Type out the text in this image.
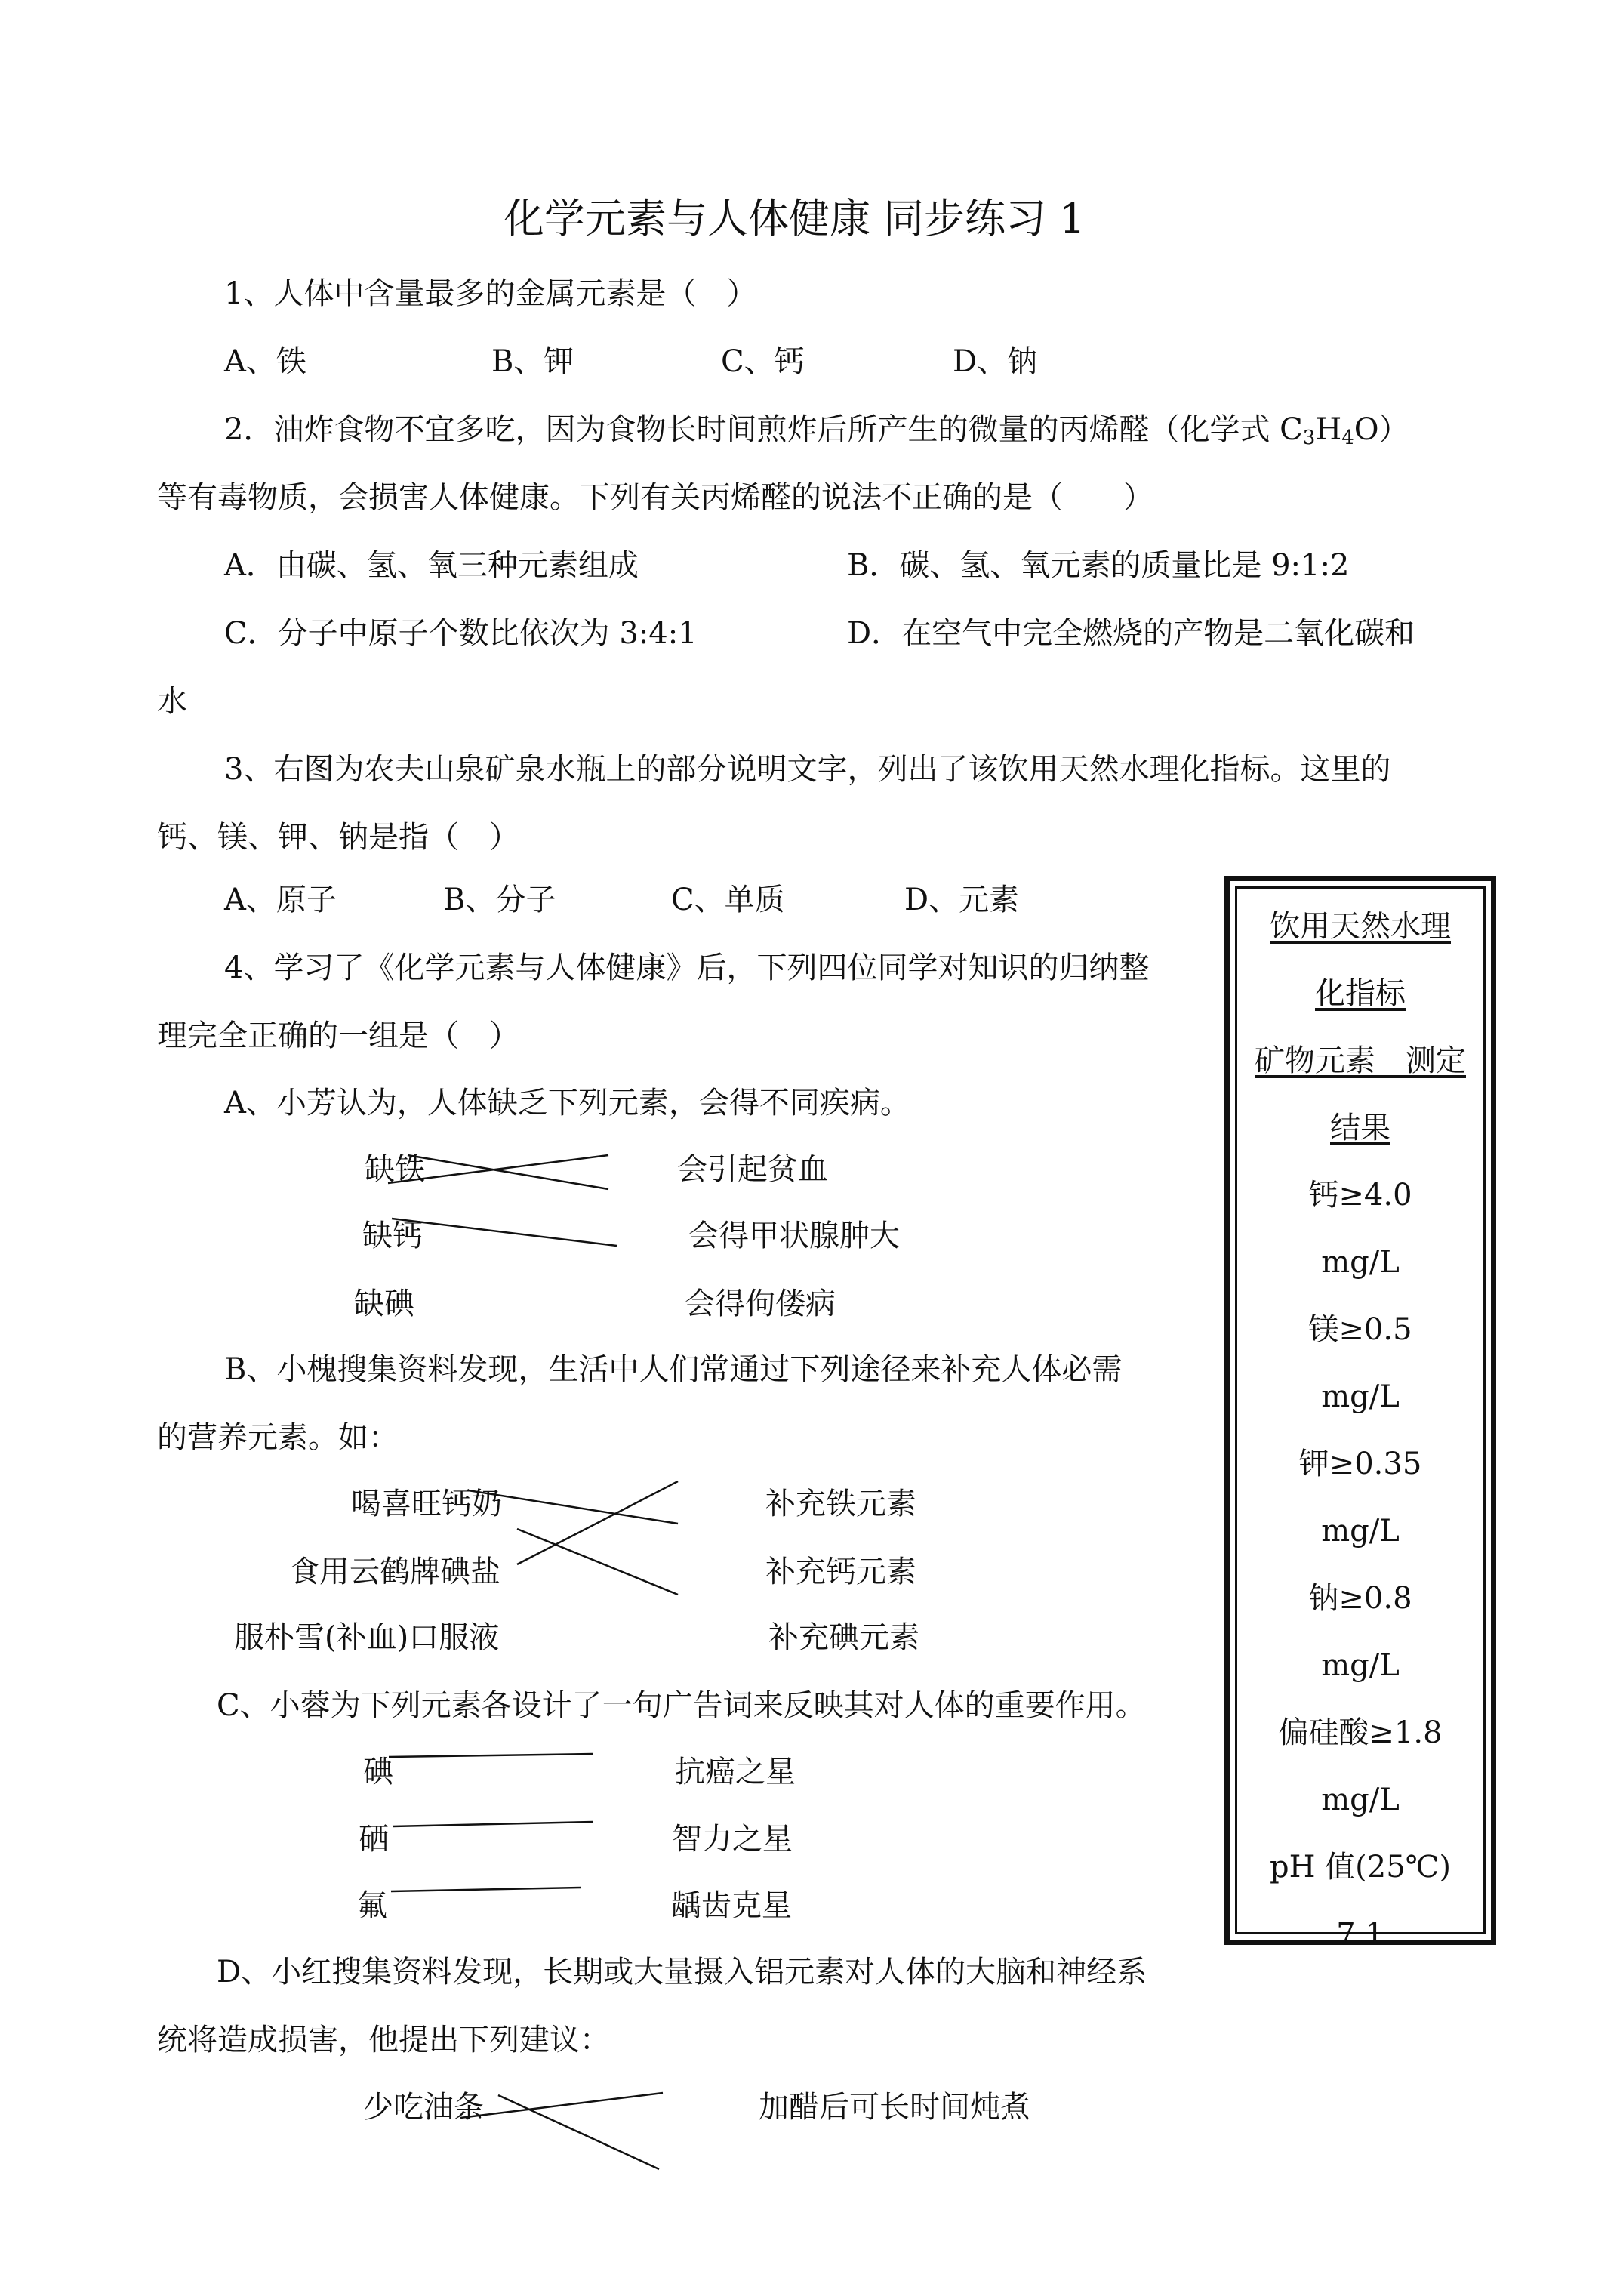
化学元素与人体健康 同步练习 1
1、人体中含量最多的金属元素是（　）
A、铁	B、钾	C、钙	D、钠
2．油炸食物不宜多吃，因为食物长时间煎炸后所产生的微量的丙烯醛（化学式 $C_3H_4O$）
等有毒物质，会损害人体健康。下列有关丙烯醛的说法不正确的是（　　）
A．由碳、氢、氧三种元素组成	B．碳、氢、氧元素的质量比是 9:1:2
C．分子中原子个数比依次为 3:4:1	D．在空气中完全燃烧的产物是二氧化碳和
水
3、右图为农夫山泉矿泉水瓶上的部分说明文字，列出了该饮用天然水理化指标。这里的
钙、镁、钾、钠是指（　）
A、原子	B、分子	C、单质	D、元素
饮用天然水理
化指标
矿物元素　测定
结果
钙≥4.0
mg/L
镁≥0.5
mg/L
钾≥0.35
mg/L
钠≥0.8
mg/L
偏硅酸≥1.8
mg/L
pH 值(25℃)
7.1
4、学习了《化学元素与人体健康》后，下列四位同学对知识的归纳整
理完全正确的一组是（　）
A、小芳认为，人体缺乏下列元素，会得不同疾病。
缺铁
缺钙
缺碘
会引起贫血
会得甲状腺肿大
会得佝偻病
B、小槐搜集资料发现，生活中人们常通过下列途径来补充人体必需
的营养元素。如：
喝喜旺钙奶
食用云鹤牌碘盐
服朴雪(补血)口服液
补充铁元素
补充钙元素
补充碘元素
C、小蓉为下列元素各设计了一句广告词来反映其对人体的重要作用。
碘
硒
氟
抗癌之星
智力之星
龋齿克星
D、小红搜集资料发现，长期或大量摄入铝元素对人体的大脑和神经系
统将造成损害，他提出下列建议：
少吃油条	加醋后可长时间炖煮
